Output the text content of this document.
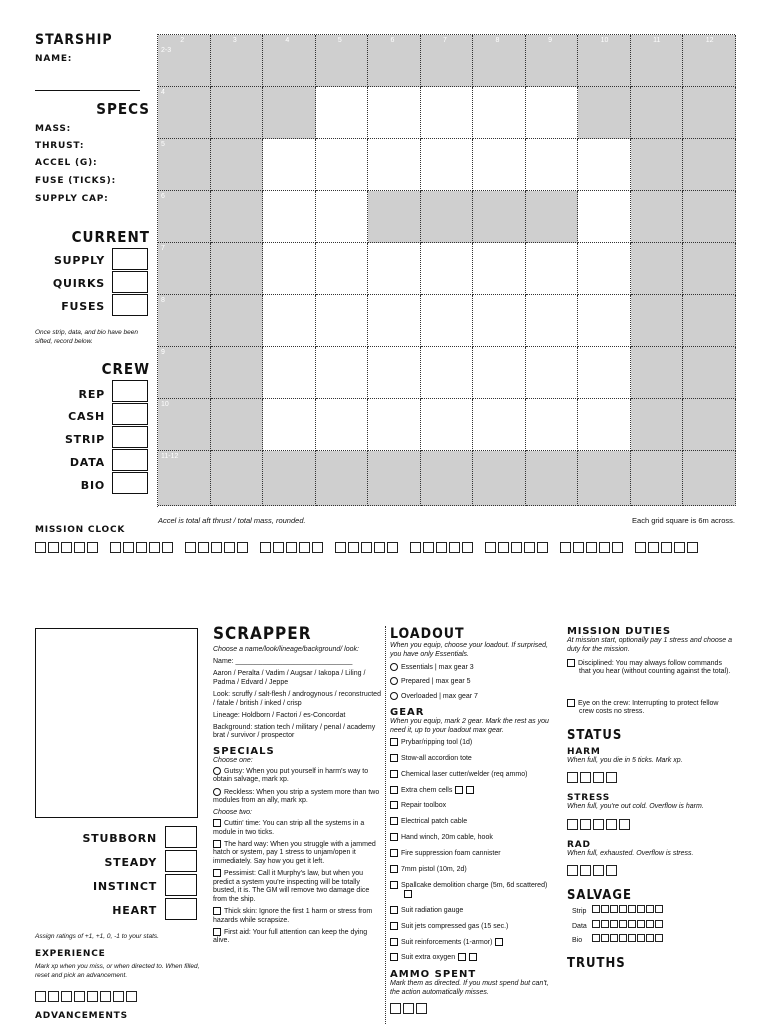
STARSHIP
NAME:
SPECS
MASS:
THRUST:
ACCEL (G):
FUSE (TICKS):
SUPPLY CAP:
CURRENT
SUPPLY
QUIRKS
FUSES
Once strip, data, and bio have been sifted, record below.
CREW
REP
CASH
STRIP
DATA
BIO
2-3
4
5
6
7
8
9
10
11-12
2	3	4	5	6	7	8	9	10	11	12
Accel is total aft thrust / total mass, rounded.	Each grid square is 6m across.
MISSION CLOCK
STUBBORN
STEADY
INSTINCT
HEART
Assign ratings of +1, +1, 0, -1 to your stats.
EXPERIENCE
Mark xp when you miss, or when directed to. When filled, reset and pick an advancement.
ADVANCEMENTS
SCRAPPER
Choose a name/look/lineage/background/ look:
Name: ______________________________
Aaron / Peralta / Vadim / Augsar / Iakopa / Liling / Padma / Edvard / Jeppe
Look: scruffy / salt-flesh / androgynous / reconstructed / fatale / british / inked / crisp
Lineage: Holdborn / Factori / es-Concordat
Background: station tech / military / penal / academy brat / survivor / prospector
SPECIALS
Choose one:
Gutsy: When you put yourself in harm's way to obtain salvage, mark xp.
Reckless: When you strip a system more than two modules from an ally, mark xp.
Choose two:
Cuttin' time: You can strip all the systems in a module in two ticks.
The hard way: When you struggle with a jammed hatch or system, pay 1 stress to unjam/open it immediately. Say how you get it left.
Pessimist: Call it Murphy's law, but when you predict a system you're inspecting will be totally busted, it is. The GM will remove two damage dice from the ship.
Thick skin: Ignore the first 1 harm or stress from hazards while scrapsize.
First aid: Your full attention can keep the dying alive.
LOADOUT
When you equip, choose your loadout. If surprised, you have only Essentials.
Essentials | max gear 3
Prepared | max gear 5
Overloaded | max gear 7
GEAR
When you equip, mark 2 gear. Mark the rest as you need it, up to your loadout max gear.
Prybar/ripping tool (1d)
Stow-all accordion tote
Chemical laser cutter/welder (req ammo)
Extra chem cells
Repair toolbox
Electrical patch cable
Hand winch, 20m cable, hook
Fire suppression foam cannister
7mm pistol (10m, 2d)
Spallcake demolition charge (5m, 6d scattered)
Suit radiation gauge
Suit jets compressed gas (15 sec.)
Suit reinforcements (1-armor)
Suit extra oxygen
AMMO SPENT
Mark them as directed. If you must spend but can't, the action automatically misses.
MISSION DUTIES
At mission start, optionally pay 1 stress and choose a duty for the mission.
Disciplined: You may always follow commands that you hear (without counting against the total).
Eye on the crew: Interrupting to protect fellow crew costs no stress.
STATUS
HARM
When full, you die in 5 ticks. Mark xp.
STRESS
When full, you're out cold. Overflow is harm.
RAD
When full, exhausted. Overflow is stress.
SALVAGE
Strip
Data
Bio
TRUTHS
